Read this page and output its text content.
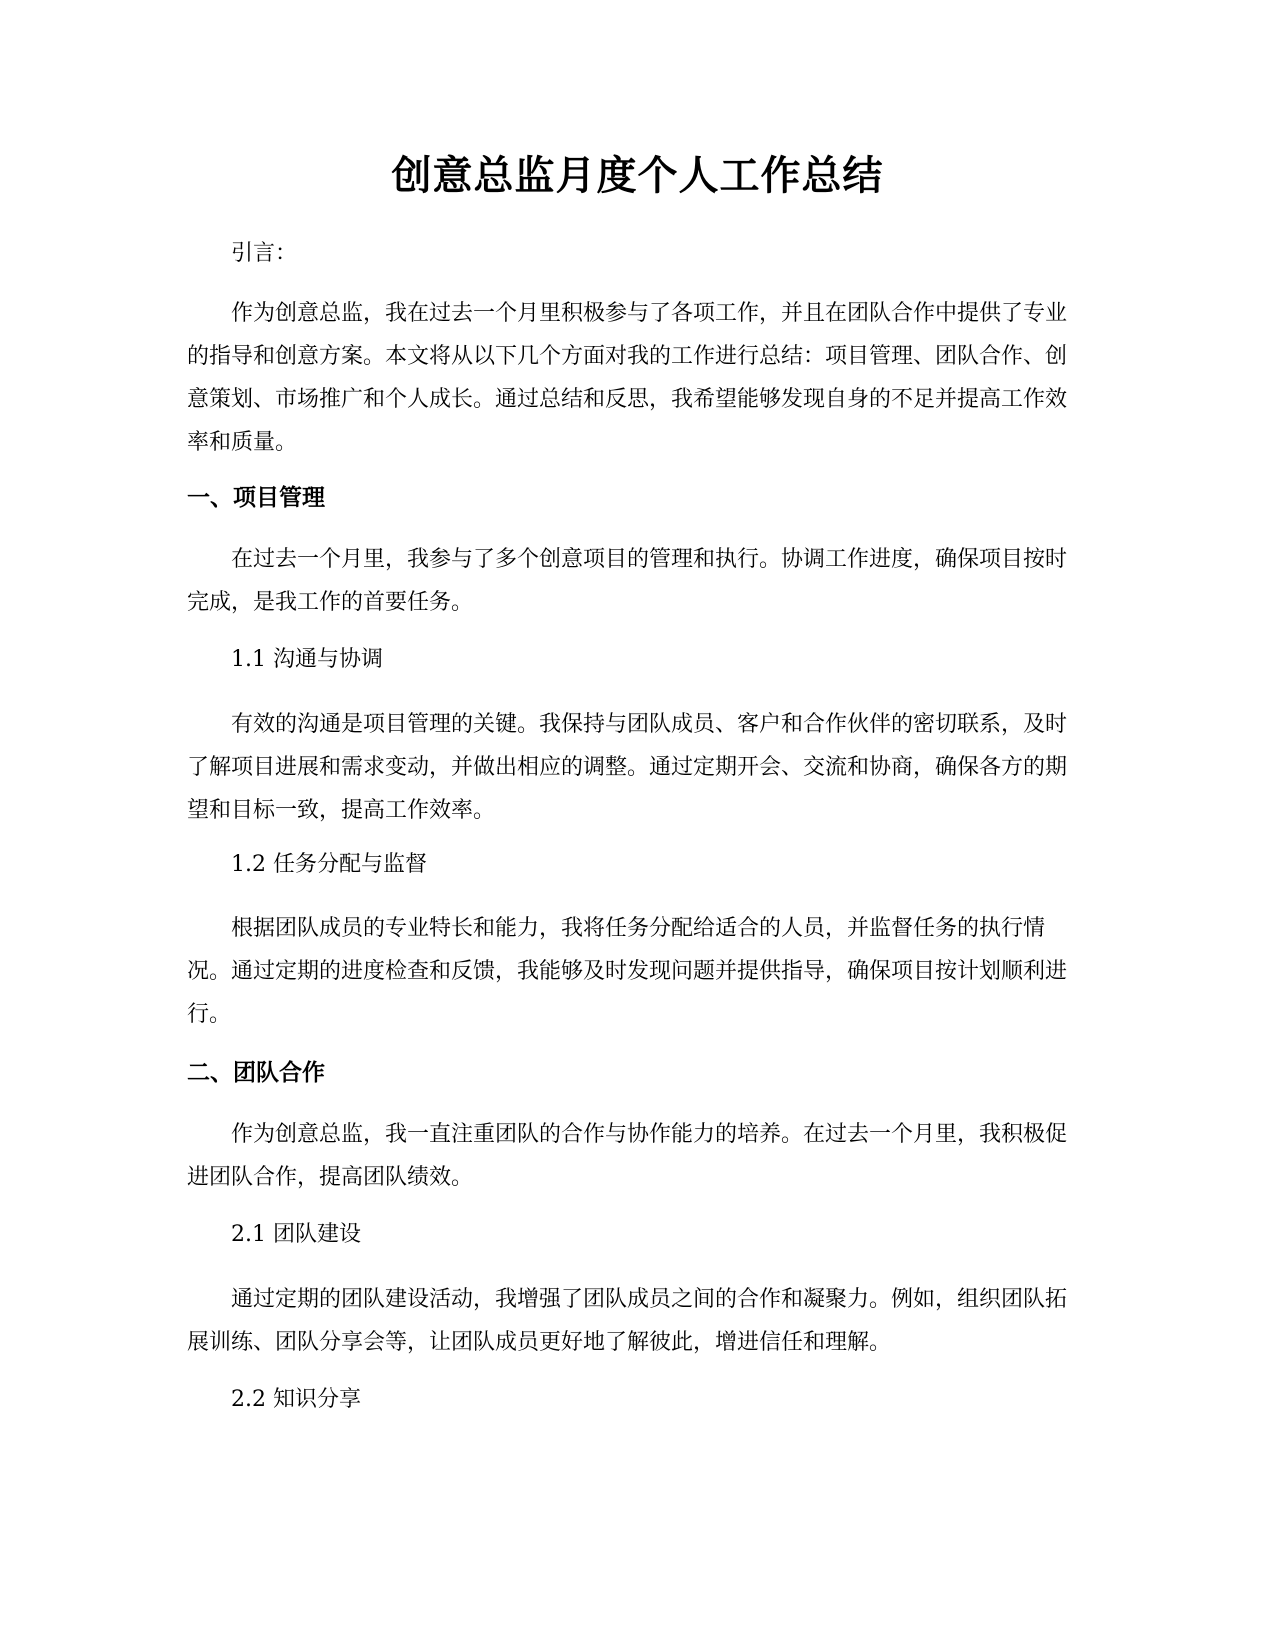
创意总监月度个人工作总结

引言：

作为创意总监，我在过去一个月里积极参与了各项工作，并且在团队合作中提供了专业的指导和创意方案。本文将从以下几个方面对我的工作进行总结：项目管理、团队合作、创意策划、市场推广和个人成长。通过总结和反思，我希望能够发现自身的不足并提高工作效率和质量。

一、项目管理

在过去一个月里，我参与了多个创意项目的管理和执行。协调工作进度，确保项目按时完成，是我工作的首要任务。

1.1 沟通与协调

有效的沟通是项目管理的关键。我保持与团队成员、客户和合作伙伴的密切联系，及时了解项目进展和需求变动，并做出相应的调整。通过定期开会、交流和协商，确保各方的期望和目标一致，提高工作效率。

1.2 任务分配与监督

根据团队成员的专业特长和能力，我将任务分配给适合的人员，并监督任务的执行情况。通过定期的进度检查和反馈，我能够及时发现问题并提供指导，确保项目按计划顺利进行。

二、团队合作

作为创意总监，我一直注重团队的合作与协作能力的培养。在过去一个月里，我积极促进团队合作，提高团队绩效。

2.1 团队建设

通过定期的团队建设活动，我增强了团队成员之间的合作和凝聚力。例如，组织团队拓展训练、团队分享会等，让团队成员更好地了解彼此，增进信任和理解。

2.2 知识分享
